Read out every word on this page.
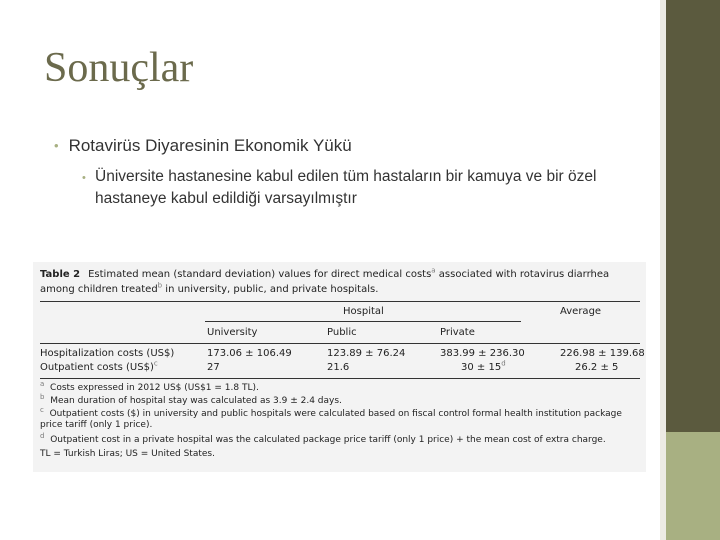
Sonuçlar
• Rotavirüs Diyaresinin Ekonomik Yükü
• Üniversite hastanesine kabul edilen tüm hastaların bir kamuya ve bir özel hastaneye kabul edildiği varsayılmıştır
Table 2 Estimated mean (standard deviation) values for direct medical costs$^a$ associated with rotavirus diarrhea among children treated$^b$ in university, public, and private hospitals.
Hospital	Average
University	Public	Private
Hospitalization costs (US$)	173.06 ± 106.49	123.89 ± 76.24	383.99 ± 236.30	226.98 ± 139.68
Outpatient costs (US$)$^c$	27	21.6	$30 \pm 15^d$	26.2 ± 5
$^a$ Costs expressed in 2012 US$ (US$1 = 1.8 TL).
$^b$ Mean duration of hospital stay was calculated as 3.9 ± 2.4 days.
$^c$ Outpatient costs ($) in university and public hospitals were calculated based on fiscal control formal health institution package price tariff (only 1 price).
$^d$ Outpatient cost in a private hospital was the calculated package price tariff (only 1 price) + the mean cost of extra charge.
TL = Turkish Liras; US = United States.
